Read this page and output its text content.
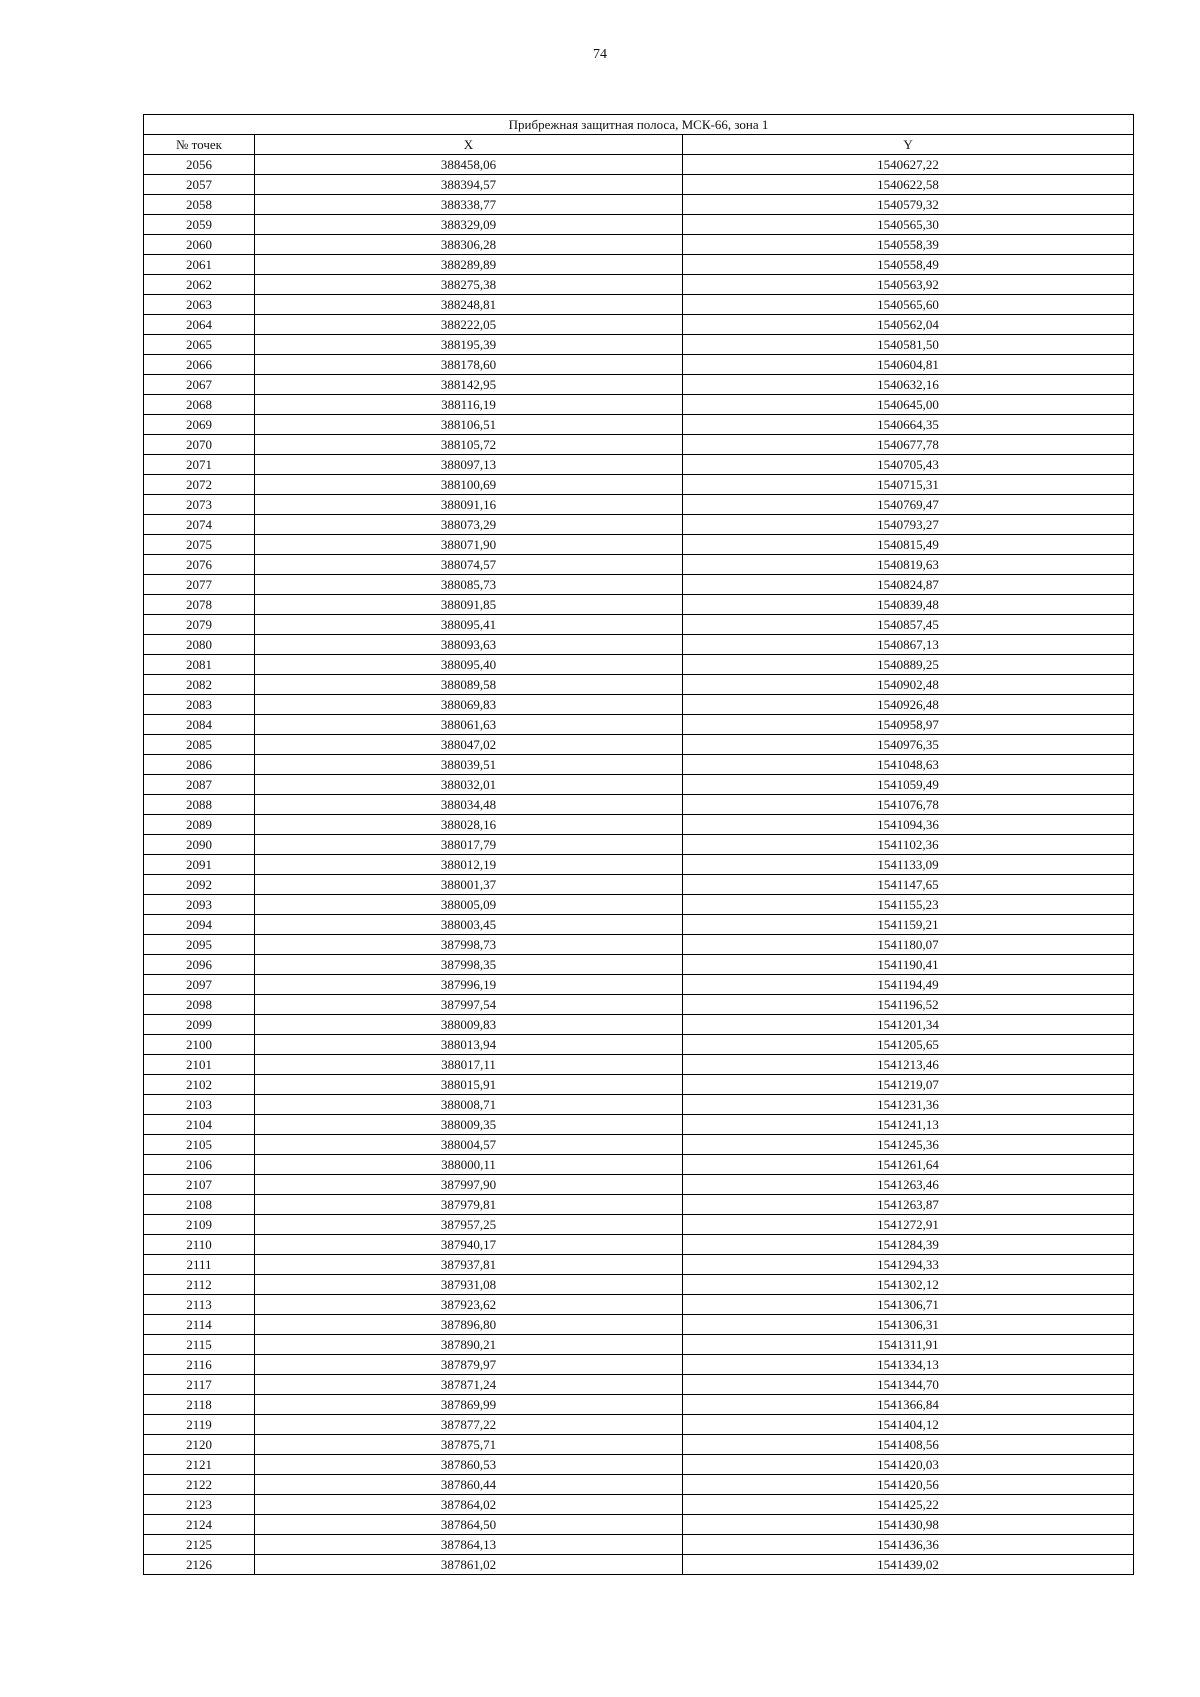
74
Прибрежная защитная полоса, МСК-66, зона 1		
№ точек	X	Y
2056	388458,06	1540627,22
2057	388394,57	1540622,58
2058	388338,77	1540579,32
2059	388329,09	1540565,30
2060	388306,28	1540558,39
2061	388289,89	1540558,49
2062	388275,38	1540563,92
2063	388248,81	1540565,60
2064	388222,05	1540562,04
2065	388195,39	1540581,50
2066	388178,60	1540604,81
2067	388142,95	1540632,16
2068	388116,19	1540645,00
2069	388106,51	1540664,35
2070	388105,72	1540677,78
2071	388097,13	1540705,43
2072	388100,69	1540715,31
2073	388091,16	1540769,47
2074	388073,29	1540793,27
2075	388071,90	1540815,49
2076	388074,57	1540819,63
2077	388085,73	1540824,87
2078	388091,85	1540839,48
2079	388095,41	1540857,45
2080	388093,63	1540867,13
2081	388095,40	1540889,25
2082	388089,58	1540902,48
2083	388069,83	1540926,48
2084	388061,63	1540958,97
2085	388047,02	1540976,35
2086	388039,51	1541048,63
2087	388032,01	1541059,49
2088	388034,48	1541076,78
2089	388028,16	1541094,36
2090	388017,79	1541102,36
2091	388012,19	1541133,09
2092	388001,37	1541147,65
2093	388005,09	1541155,23
2094	388003,45	1541159,21
2095	387998,73	1541180,07
2096	387998,35	1541190,41
2097	387996,19	1541194,49
2098	387997,54	1541196,52
2099	388009,83	1541201,34
2100	388013,94	1541205,65
2101	388017,11	1541213,46
2102	388015,91	1541219,07
2103	388008,71	1541231,36
2104	388009,35	1541241,13
2105	388004,57	1541245,36
2106	388000,11	1541261,64
2107	387997,90	1541263,46
2108	387979,81	1541263,87
2109	387957,25	1541272,91
2110	387940,17	1541284,39
2111	387937,81	1541294,33
2112	387931,08	1541302,12
2113	387923,62	1541306,71
2114	387896,80	1541306,31
2115	387890,21	1541311,91
2116	387879,97	1541334,13
2117	387871,24	1541344,70
2118	387869,99	1541366,84
2119	387877,22	1541404,12
2120	387875,71	1541408,56
2121	387860,53	1541420,03
2122	387860,44	1541420,56
2123	387864,02	1541425,22
2124	387864,50	1541430,98
2125	387864,13	1541436,36
2126	387861,02	1541439,02
